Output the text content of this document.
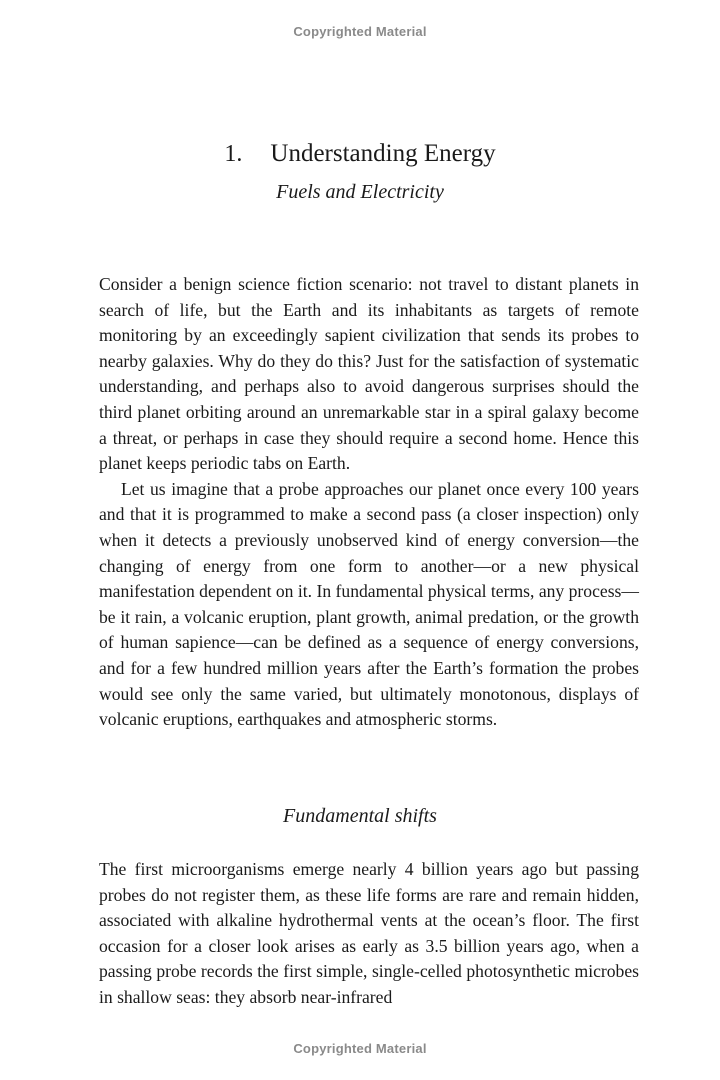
Copyrighted Material
1. Understanding Energy
Fuels and Electricity

Consider a benign science fiction scenario: not travel to distant planets in search of life, but the Earth and its inhabitants as targets of remote monitoring by an exceedingly sapient civilization that sends its probes to nearby galaxies. Why do they do this? Just for the satisfaction of systematic understanding, and perhaps also to avoid dangerous surprises should the third planet orbiting around an unremarkable star in a spiral galaxy become a threat, or perhaps in case they should require a second home. Hence this planet keeps periodic tabs on Earth.

Let us imagine that a probe approaches our planet once every 100 years and that it is programmed to make a second pass (a closer inspection) only when it detects a previously unobserved kind of energy conversion—the changing of energy from one form to another—or a new physical manifestation dependent on it. In fundamental physical terms, any process—be it rain, a volcanic eruption, plant growth, animal predation, or the growth of human sapience—can be defined as a sequence of energy conversions, and for a few hundred million years after the Earth’s formation the probes would see only the same varied, but ultimately monotonous, displays of volcanic eruptions, earthquakes and atmospheric storms.

Fundamental shifts

The first microorganisms emerge nearly 4 billion years ago but passing probes do not register them, as these life forms are rare and remain hidden, associated with alkaline hydrothermal vents at the ocean’s floor. The first occasion for a closer look arises as early as 3.5 billion years ago, when a passing probe records the first simple, single-celled photosynthetic microbes in shallow seas: they absorb near-infrared

Copyrighted Material
